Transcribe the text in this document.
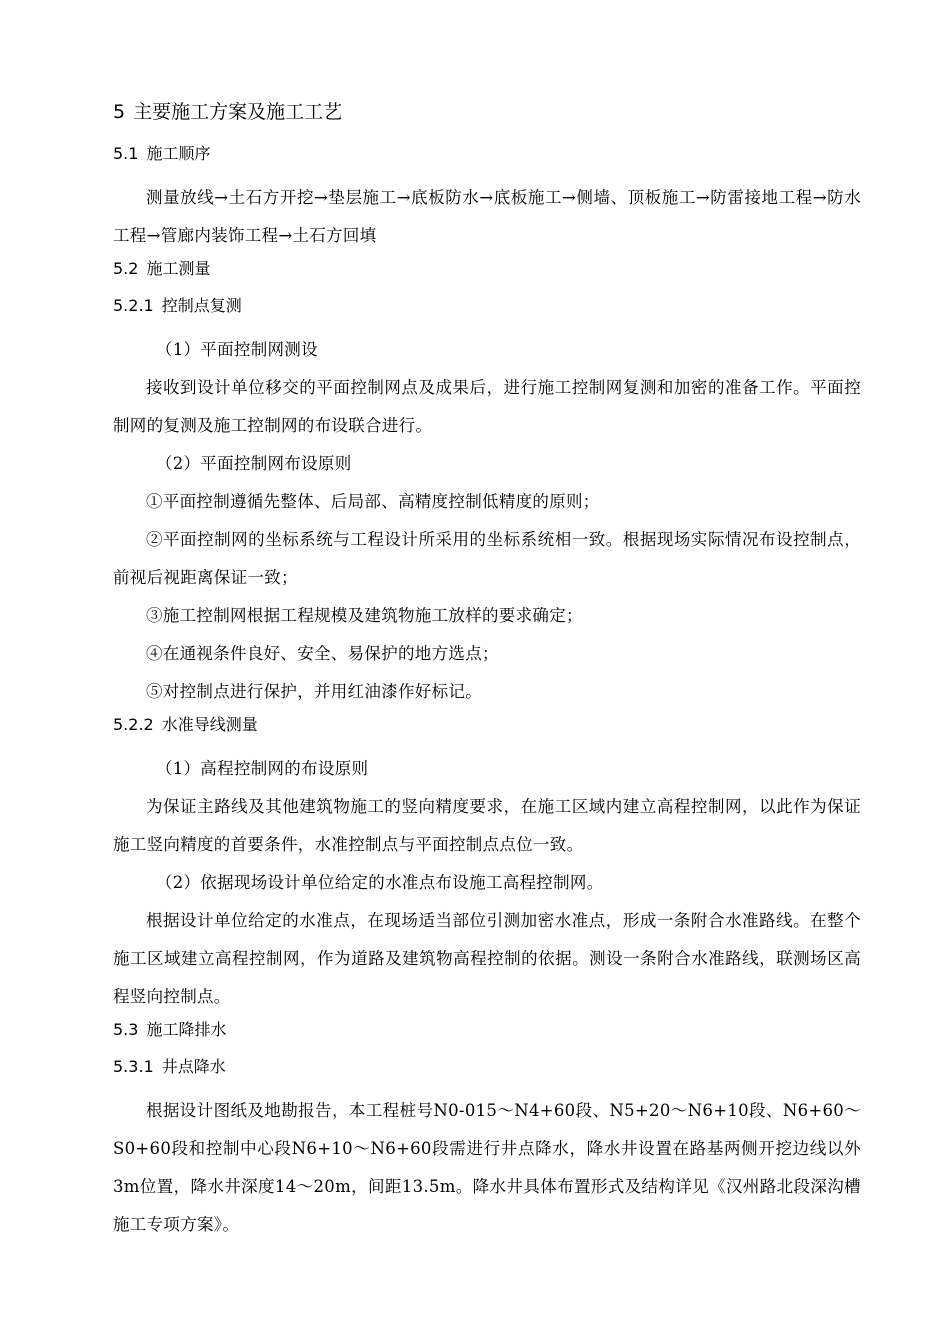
5 主要施工方案及施工工艺
5.1 施工顺序

测量放线→土石方开挖→垫层施工→底板防水→底板施工→侧墙、顶板施工→防雷接地工程→防水工程→管廊内装饰工程→土石方回填

5.2 施工测量
5.2.1 控制点复测

（1）平面控制网测设

接收到设计单位移交的平面控制网点及成果后，进行施工控制网复测和加密的准备工作。平面控制网的复测及施工控制网的布设联合进行。

（2）平面控制网布设原则

①平面控制遵循先整体、后局部、高精度控制低精度的原则；

②平面控制网的坐标系统与工程设计所采用的坐标系统相一致。根据现场实际情况布设控制点，前视后视距离保证一致；

③施工控制网根据工程规模及建筑物施工放样的要求确定；

④在通视条件良好、安全、易保护的地方选点；

⑤对控制点进行保护，并用红油漆作好标记。

5.2.2 水准导线测量

（1）高程控制网的布设原则

为保证主路线及其他建筑物施工的竖向精度要求，在施工区域内建立高程控制网，以此作为保证施工竖向精度的首要条件，水准控制点与平面控制点点位一致。

（2）依据现场设计单位给定的水准点布设施工高程控制网。

根据设计单位给定的水准点，在现场适当部位引测加密水准点，形成一条附合水准路线。在整个施工区域建立高程控制网，作为道路及建筑物高程控制的依据。测设一条附合水准路线，联测场区高程竖向控制点。

5.3 施工降排水
5.3.1 井点降水

根据设计图纸及地勘报告，本工程桩号N0-015～N4+60段、N5+20～N6+10段、N6+60～S0+60段和控制中心段N6+10～N6+60段需进行井点降水，降水井设置在路基两侧开挖边线以外3m位置，降水井深度14～20m，间距13.5m。降水井具体布置形式及结构详见《汉州路北段深沟槽施工专项方案》。
